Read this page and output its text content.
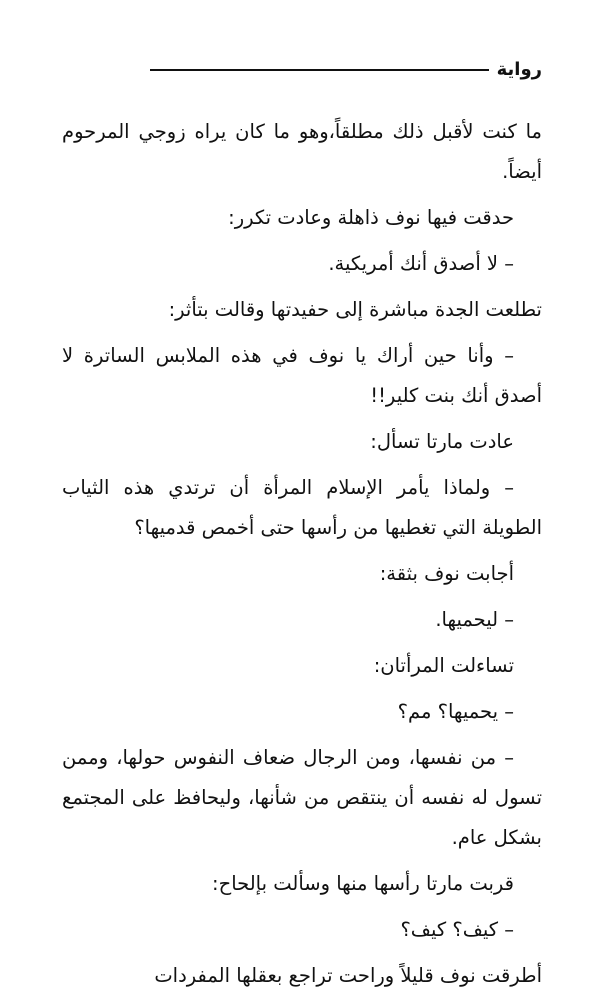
رواية

ما كنت لأقبل ذلك مطلقاً،وهو ما كان يراه زوجي المرحوم أيضاً.

حدقت فيها نوف ذاهلة وعادت تكرر:

– لا أصدق أنك أمريكية.

تطلعت الجدة مباشرة إلى حفيدتها وقالت بتأثر:

– وأنا حين أراك يا نوف في هذه الملابس الساترة لا أصدق أنك بنت كلير!!

عادت مارتا تسأل:

– ولماذا يأمر الإسلام المرأة أن ترتدي هذه الثياب الطويلة التي تغطيها من رأسها حتى أخمص قدميها؟

أجابت نوف بثقة:

– ليحميها.

تساءلت المرأتان:

– يحميها؟ مم؟

– من نفسها، ومن الرجال ضعاف النفوس حولها، وممن تسول له نفسه أن ينتقص من شأنها، وليحافظ على المجتمع بشكل عام.

قربت مارتا رأسها منها وسألت بإلحاح:

– كيف؟ كيف؟

أطرقت نوف قليلاً وراحت تراجع بعقلها المفردات
